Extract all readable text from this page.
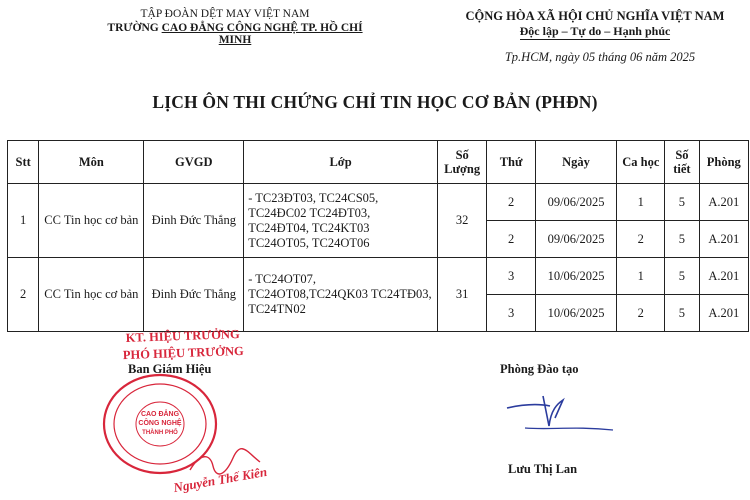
TẬP ĐOÀN DỆT MAY VIỆT NAM
TRƯỜNG CAO ĐẲNG CÔNG NGHỆ TP. HỒ CHÍ MINH
CỘNG HÒA XÃ HỘI CHỦ NGHĨA VIỆT NAM
Độc lập – Tự do – Hạnh phúc
Tp.HCM, ngày 05 tháng 06 năm 2025
LỊCH ÔN THI CHỨNG CHỈ TIN HỌC CƠ BẢN (PHĐN)
Stt	Môn	GVGD	Lớp	Số Lượng	Thứ	Ngày	Ca học	Số tiết	Phòng
1	CC Tin học cơ bản	Đinh Đức Thắng	- TC23ĐT03, TC24CS05, TC24ĐC02 TC24ĐT03, TC24ĐT04, TC24KT03 TC24OT05, TC24OT06	32	2	09/06/2025	1	5	A.201
					2	09/06/2025	2	5	A.201
2	CC Tin học cơ bản	Đinh Đức Thắng	- TC24OT07, TC24OT08,TC24QK03 TC24TĐ03, TC24TN02	31	3	10/06/2025	1	5	A.201
					3	10/06/2025	2	5	A.201
CAO ĐẲNG
CÔNG NGHỆ
THÀNH PHỐ
KT. HIỆU TRƯỞNG
PHÓ HIỆU TRƯỞNG
Ban Giám Hiệu
Nguyễn Thế Kiên
Phòng Đào tạo
Lưu Thị Lan
